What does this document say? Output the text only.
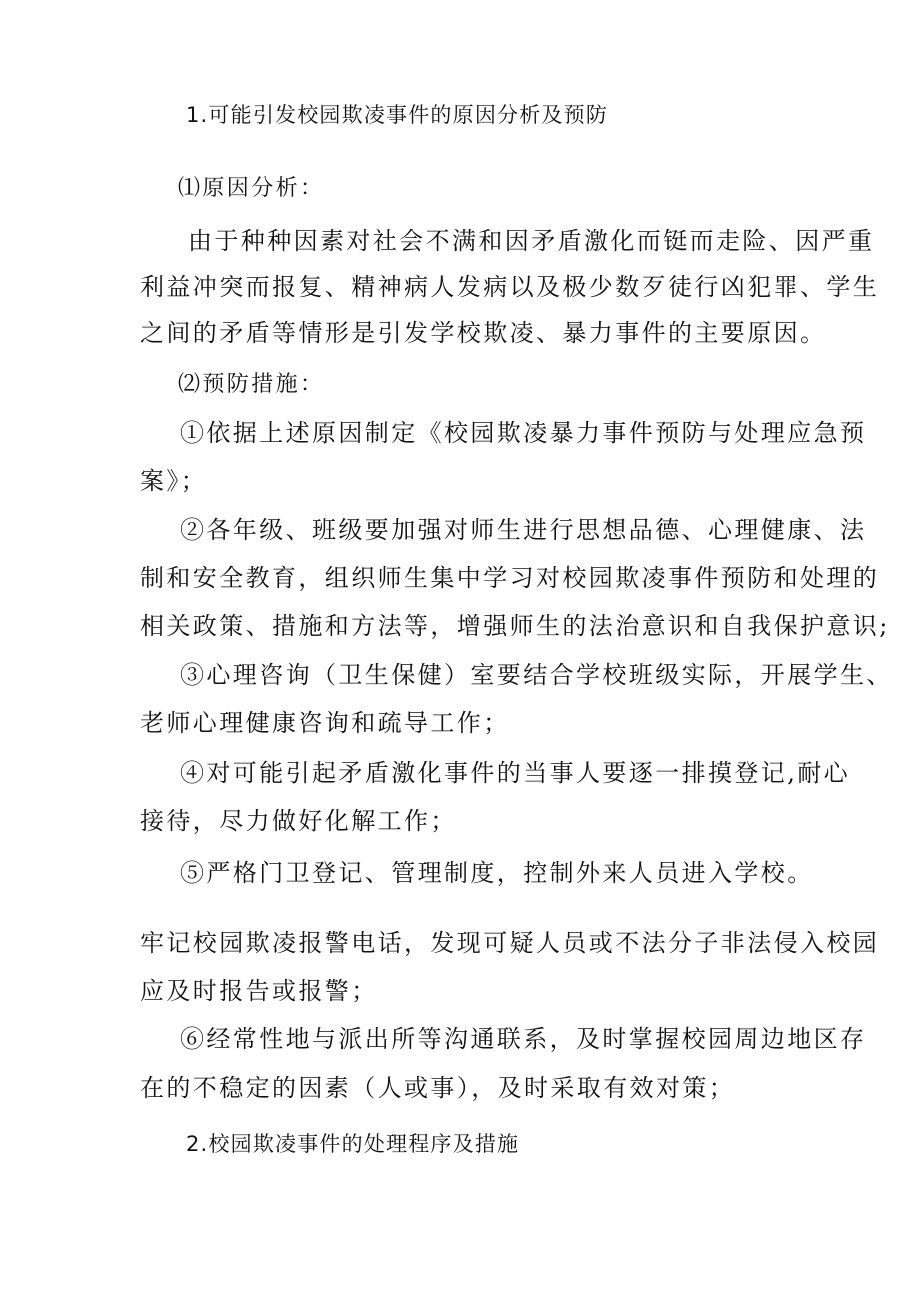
1.可能引发校园欺凌事件的原因分析及预防
⑴原因分析：
由于种种因素对社会不满和因矛盾激化而铤而走险、因严重
利益冲突而报复、精神病人发病以及极少数歹徒行凶犯罪、学生
之间的矛盾等情形是引发学校欺凌、暴力事件的主要原因。
⑵预防措施：
①依据上述原因制定《校园欺凌暴力事件预防与处理应急预
案》；
②各年级、班级要加强对师生进行思想品德、心理健康、法
制和安全教育，组织师生集中学习对校园欺凌事件预防和处理的
相关政策、措施和方法等，增强师生的法治意识和自我保护意识;
③心理咨询（卫生保健）室要结合学校班级实际，开展学生、
老师心理健康咨询和疏导工作；
④对可能引起矛盾激化事件的当事人要逐一排摸登记,耐心
接待，尽力做好化解工作；
⑤严格门卫登记、管理制度，控制外来人员进入学校。
牢记校园欺凌报警电话，发现可疑人员或不法分子非法侵入校园
应及时报告或报警；
⑥经常性地与派出所等沟通联系，及时掌握校园周边地区存
在的不稳定的因素（人或事），及时采取有效对策；
2.校园欺凌事件的处理程序及措施
